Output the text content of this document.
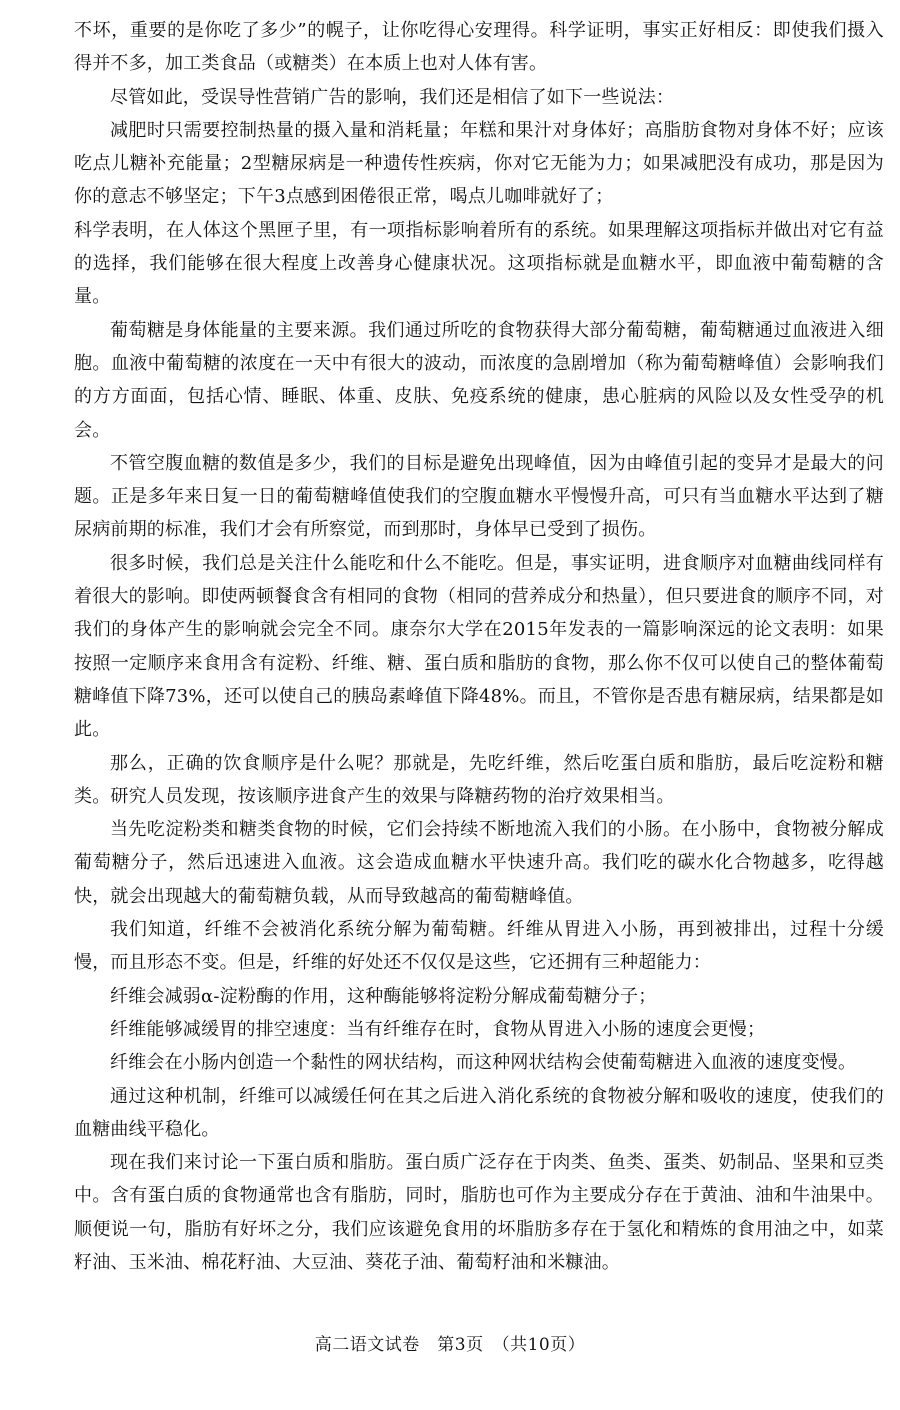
不坏，重要的是你吃了多少”的幌子，让你吃得心安理得。科学证明，事实正好相反：即使我们摄入得并不多，加工类食品（或糖类）在本质上也对人体有害。

尽管如此，受误导性营销广告的影响，我们还是相信了如下一些说法：

减肥时只需要控制热量的摄入量和消耗量；年糕和果汁对身体好；高脂肪食物对身体不好；应该吃点儿糖补充能量；2型糖尿病是一种遗传性疾病，你对它无能为力；如果减肥没有成功，那是因为你的意志不够坚定；下午3点感到困倦很正常，喝点儿咖啡就好了；

科学表明，在人体这个黑匣子里，有一项指标影响着所有的系统。如果理解这项指标并做出对它有益的选择，我们能够在很大程度上改善身心健康状况。这项指标就是血糖水平，即血液中葡萄糖的含量。

葡萄糖是身体能量的主要来源。我们通过所吃的食物获得大部分葡萄糖，葡萄糖通过血液进入细胞。血液中葡萄糖的浓度在一天中有很大的波动，而浓度的急剧增加（称为葡萄糖峰值）会影响我们的方方面面，包括心情、睡眠、体重、皮肤、免疫系统的健康，患心脏病的风险以及女性受孕的机会。

不管空腹血糖的数值是多少，我们的目标是避免出现峰值，因为由峰值引起的变异才是最大的问题。正是多年来日复一日的葡萄糖峰值使我们的空腹血糖水平慢慢升高，可只有当血糖水平达到了糖尿病前期的标准，我们才会有所察觉，而到那时，身体早已受到了损伤。

很多时候，我们总是关注什么能吃和什么不能吃。但是，事实证明，进食顺序对血糖曲线同样有着很大的影响。即使两顿餐食含有相同的食物（相同的营养成分和热量），但只要进食的顺序不同，对我们的身体产生的影响就会完全不同。康奈尔大学在2015年发表的一篇影响深远的论文表明：如果按照一定顺序来食用含有淀粉、纤维、糖、蛋白质和脂肪的食物，那么你不仅可以使自己的整体葡萄糖峰值下降73%，还可以使自己的胰岛素峰值下降48%。而且，不管你是否患有糖尿病，结果都是如此。

那么，正确的饮食顺序是什么呢？那就是，先吃纤维，然后吃蛋白质和脂肪，最后吃淀粉和糖类。研究人员发现，按该顺序进食产生的效果与降糖药物的治疗效果相当。

当先吃淀粉类和糖类食物的时候，它们会持续不断地流入我们的小肠。在小肠中，食物被分解成葡萄糖分子，然后迅速进入血液。这会造成血糖水平快速升高。我们吃的碳水化合物越多，吃得越快，就会出现越大的葡萄糖负载，从而导致越高的葡萄糖峰值。

我们知道，纤维不会被消化系统分解为葡萄糖。纤维从胃进入小肠，再到被排出，过程十分缓慢，而且形态不变。但是，纤维的好处还不仅仅是这些，它还拥有三种超能力：

纤维会减弱α-淀粉酶的作用，这种酶能够将淀粉分解成葡萄糖分子；

纤维能够减缓胃的排空速度：当有纤维存在时，食物从胃进入小肠的速度会更慢；

纤维会在小肠内创造一个黏性的网状结构，而这种网状结构会使葡萄糖进入血液的速度变慢。

通过这种机制，纤维可以减缓任何在其之后进入消化系统的食物被分解和吸收的速度，使我们的血糖曲线平稳化。

现在我们来讨论一下蛋白质和脂肪。蛋白质广泛存在于肉类、鱼类、蛋类、奶制品、坚果和豆类中。含有蛋白质的食物通常也含有脂肪，同时，脂肪也可作为主要成分存在于黄油、油和牛油果中。顺便说一句，脂肪有好坏之分，我们应该避免食用的坏脂肪多存在于氢化和精炼的食用油之中，如菜籽油、玉米油、棉花籽油、大豆油、葵花子油、葡萄籽油和米糠油。

高二语文试卷　第3页　（共10页）
